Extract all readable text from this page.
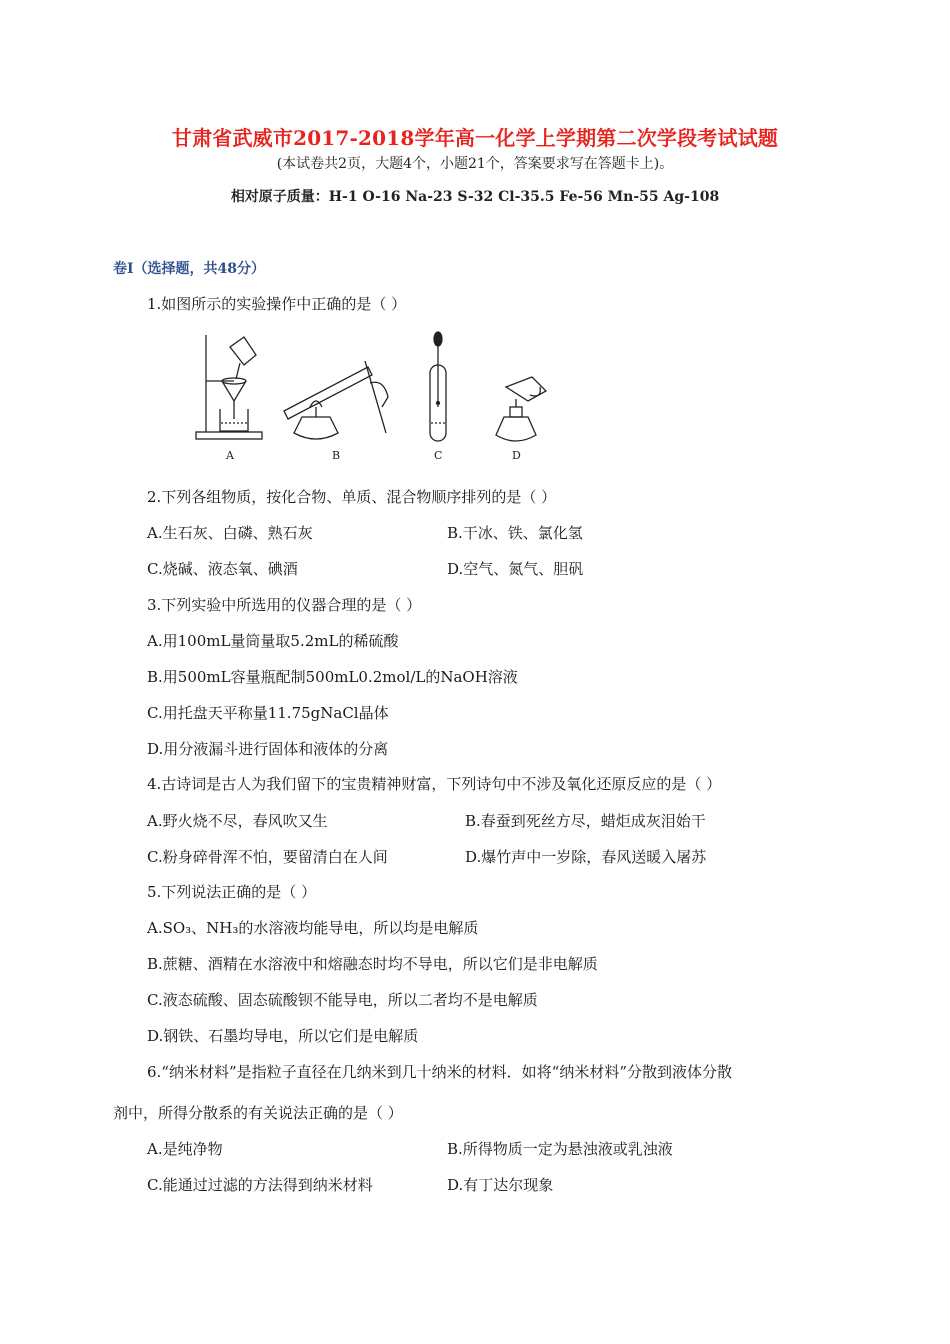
甘肃省武威市2017-2018学年高一化学上学期第二次学段考试试题
(本试卷共2页，大题4个，小题21个，答案要求写在答题卡上)。
相对原子质量：H-1 O-16 Na-23 S-32 Cl-35.5 Fe-56 Mn-55 Ag-108
卷Ⅰ（选择题，共48分）
1.如图所示的实验操作中正确的是（ ）
A	B	C	D
2.下列各组物质，按化合物、单质、混合物顺序排列的是（ ）
A.生石灰、白磷、熟石灰	B.干冰、铁、氯化氢
C.烧碱、液态氧、碘酒	D.空气、氮气、胆矾
3.下列实验中所选用的仪器合理的是（ ）
A.用100mL量筒量取5.2mL的稀硫酸
B.用500mL容量瓶配制500mL0.2mol/L的NaOH溶液
C.用托盘天平称量11.75gNaCl晶体
D.用分液漏斗进行固体和液体的分离
4.古诗词是古人为我们留下的宝贵精神财富，下列诗句中不涉及氧化还原反应的是（ ）
A.野火烧不尽，春风吹又生	B.春蚕到死丝方尽，蜡炬成灰泪始干
C.粉身碎骨浑不怕，要留清白在人间	D.爆竹声中一岁除，春风送暖入屠苏
5.下列说法正确的是（ ）
A.SO₃、NH₃的水溶液均能导电，所以均是电解质
B.蔗糖、酒精在水溶液中和熔融态时均不导电，所以它们是非电解质
C.液态硫酸、固态硫酸钡不能导电，所以二者均不是电解质
D.钢铁、石墨均导电，所以它们是电解质
6.“纳米材料”是指粒子直径在几纳米到几十纳米的材料．如将“纳米材料”分散到液体分散
剂中，所得分散系的有关说法正确的是（ ）
A.是纯净物	B.所得物质一定为悬浊液或乳浊液
C.能通过过滤的方法得到纳米材料	D.有丁达尔现象
